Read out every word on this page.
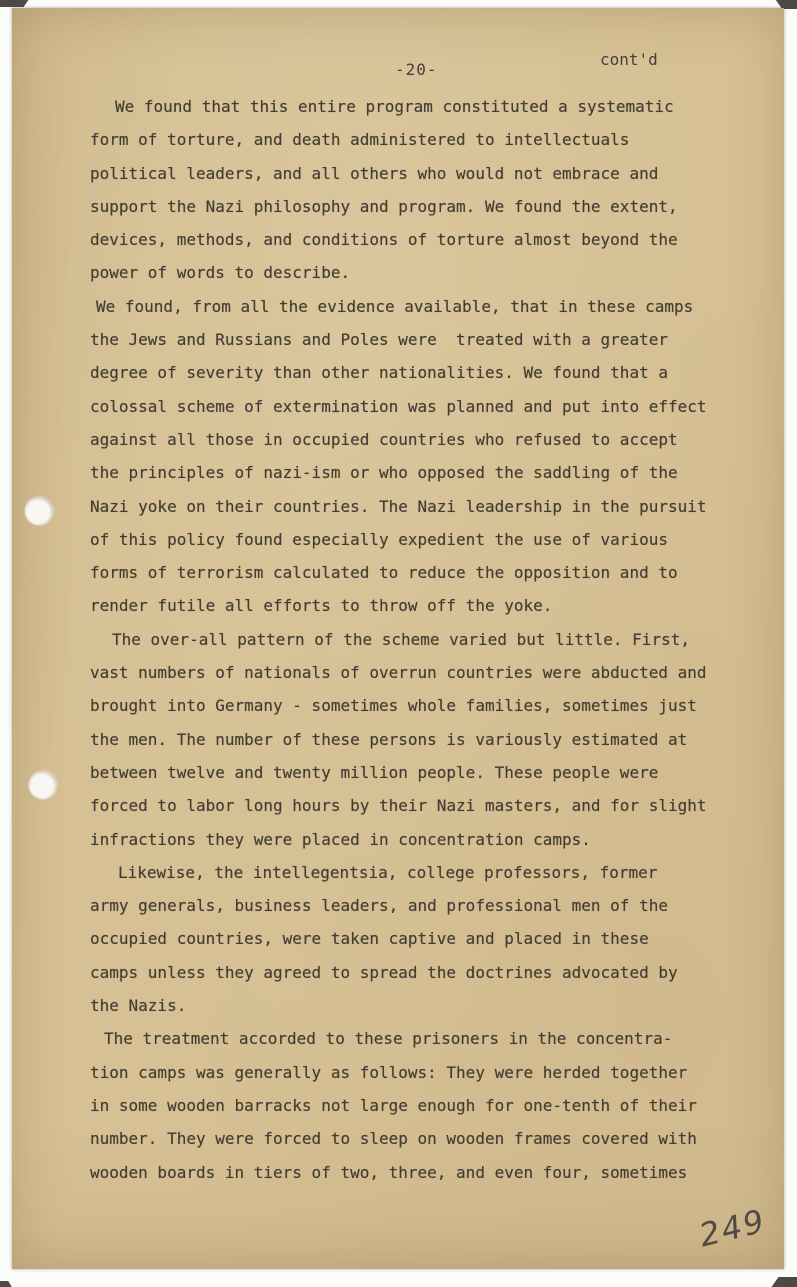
-20-
cont'd
We found that this entire program constituted a systematic
form of torture, and death administered to intellectuals
political leaders, and all others who would not embrace and
support the Nazi philosophy and program. We found the extent,
devices, methods, and conditions of torture almost beyond the
power of words to describe.
We found, from all the evidence available, that in these camps
the Jews and Russians and Poles were  treated with a greater
degree of severity than other nationalities. We found that a
colossal scheme of extermination was planned and put into effect
against all those in occupied countries who refused to accept
the principles of nazi-ism or who opposed the saddling of the
Nazi yoke on their countries. The Nazi leadership in the pursuit
of this policy found especially expedient the use of various
forms of terrorism calculated to reduce the opposition and to
render futile all efforts to throw off the yoke.
The over-all pattern of the scheme varied but little. First,
vast numbers of nationals of overrun countries were abducted and
brought into Germany - sometimes whole families, sometimes just
the men. The number of these persons is variously estimated at
between twelve and twenty million people. These people were
forced to labor long hours by their Nazi masters, and for slight
infractions they were placed in concentration camps.
Likewise, the intellegentsia, college professors, former
army generals, business leaders, and professional men of the
occupied countries, were taken captive and placed in these
camps unless they agreed to spread the doctrines advocated by
the Nazis.
The treatment accorded to these prisoners in the concentra-
tion camps was generally as follows: They were herded together
in some wooden barracks not large enough for one-tenth of their
number. They were forced to sleep on wooden frames covered with
wooden boards in tiers of two, three, and even four, sometimes
249
